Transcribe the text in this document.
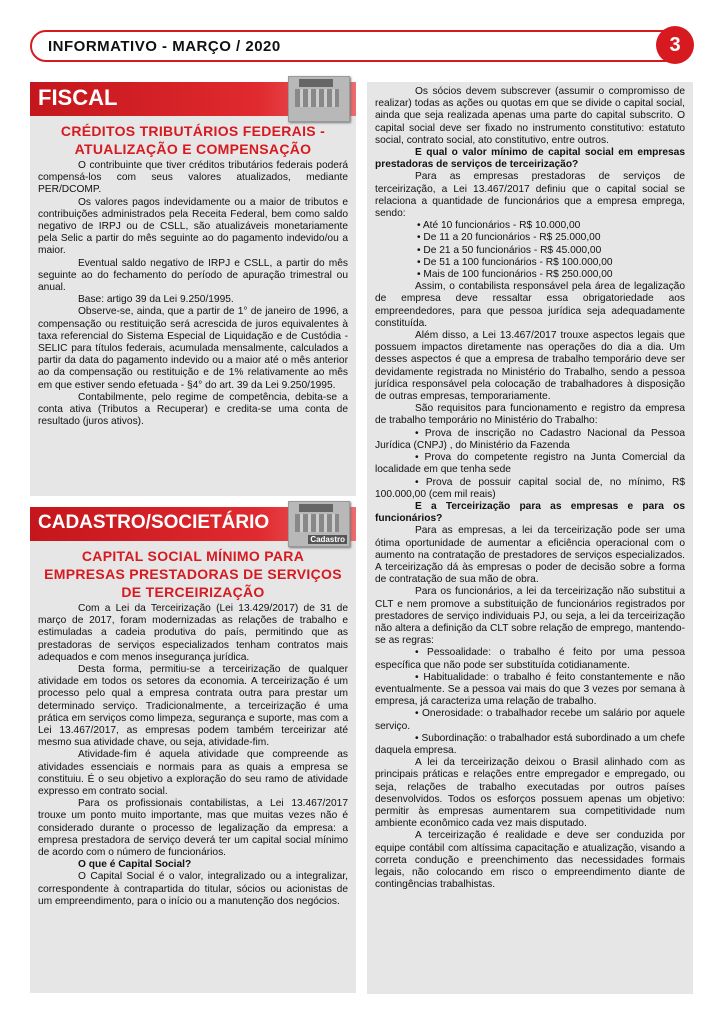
INFORMATIVO - MARÇO / 2020	3
FISCAL
CRÉDITOS TRIBUTÁRIOS FEDERAIS - ATUALIZAÇÃO E COMPENSAÇÃO

O contribuinte que tiver créditos tributários federais poderá compensá-los com seus valores atualizados, mediante PER/DCOMP.

Os valores pagos indevidamente ou a maior de tributos e contribuições administrados pela Receita Federal, bem como saldo negativo de IRPJ ou de CSLL, são atualizáveis monetariamente pela Selic a partir do mês seguinte ao do pagamento indevido/ou a maior.

Eventual saldo negativo de IRPJ e CSLL, a partir do mês seguinte ao do fechamento do período de apuração trimestral ou anual.

Base: artigo 39 da Lei 9.250/1995.

Observe-se, ainda, que a partir de 1° de janeiro de 1996, a compensação ou restituição será acrescida de juros equivalentes à taxa referencial do Sistema Especial de Liquidação e de Custódia - SELIC para títulos federais, acumulada mensalmente, calculados a partir da data do pagamento indevido ou a maior até o mês anterior ao da compensação ou restituição e de 1% relativamente ao mês em que estiver sendo efetuada - §4° do art. 39 da Lei 9.250/1995.

Contabilmente, pelo regime de competência, debita-se a conta ativa (Tributos a Recuperar) e credita-se uma conta de resultado (juros ativos).

CADASTRO/SOCIETÁRIO
Cadastro
CAPITAL SOCIAL MÍNIMO PARA EMPRESAS PRESTADORAS DE SERVIÇOS DE TERCEIRIZAÇÃO

Com a Lei da Terceirização (Lei 13.429/2017) de 31 de março de 2017, foram modernizadas as relações de trabalho e estimuladas a cadeia produtiva do país, permitindo que as prestadoras de serviços especializados tenham contratos mais adequados e com menos insegurança jurídica.

Desta forma, permitiu-se a terceirização de qualquer atividade em todos os setores da economia. A terceirização é um processo pelo qual a empresa contrata outra para prestar um determinado serviço. Tradicionalmente, a terceirização é uma prática em serviços como limpeza, segurança e suporte, mas com a Lei 13.467/2017, as empresas podem também terceirizar até mesmo sua atividade chave, ou seja, atividade-fim.

Atividade-fim é aquela atividade que compreende as atividades essenciais e normais para as quais a empresa se constituiu. É o seu objetivo a exploração do seu ramo de atividade expresso em contrato social.

Para os profissionais contabilistas, a Lei 13.467/2017 trouxe um ponto muito importante, mas que muitas vezes não é considerado durante o processo de legalização da empresa: a empresa prestadora de serviço deverá ter um capital social mínimo de acordo com o número de funcionários.

O que é Capital Social?

O Capital Social é o valor, integralizado ou a integralizar, correspondente à contrapartida do titular, sócios ou acionistas de um empreendimento, para o início ou a manutenção dos negócios.

Os sócios devem subscrever (assumir o compromisso de realizar) todas as ações ou quotas em que se divide o capital social, ainda que seja realizada apenas uma parte do capital subscrito. O capital social deve ser fixado no instrumento constitutivo: estatuto social, contrato social, ato constitutivo, entre outros.

E qual o valor mínimo de capital social em empresas prestadoras de serviços de terceirização?

Para as empresas prestadoras de serviços de terceirização, a Lei 13.467/2017 definiu que o capital social se relaciona a quantidade de funcionários que a empresa emprega, sendo:

• Até 10 funcionários - R$ 10.000,00
• De 11 a 20 funcionários - R$ 25.000,00
• De 21 a 50 funcionários - R$ 45.000,00
• De 51 a 100 funcionários - R$ 100.000,00
• Mais de 100 funcionários - R$ 250.000,00

Assim, o contabilista responsável pela área de legalização de empresa deve ressaltar essa obrigatoriedade aos empreendedores, para que pessoa jurídica seja adequadamente constituída.

Além disso, a Lei 13.467/2017 trouxe aspectos legais que possuem impactos diretamente nas operações do dia a dia. Um desses aspectos é que a empresa de trabalho temporário deve ser devidamente registrada no Ministério do Trabalho, sendo a pessoa jurídica responsável pela colocação de trabalhadores à disposição de outras empresas, temporariamente.

São requisitos para funcionamento e registro da empresa de trabalho temporário no Ministério do Trabalho:

• Prova de inscrição no Cadastro Nacional da Pessoa Jurídica (CNPJ) , do Ministério da Fazenda

• Prova do competente registro na Junta Comercial da localidade em que tenha sede

• Prova de possuir capital social de, no mínimo, R$ 100.000,00 (cem mil reais)

E a Terceirização para as empresas e para os funcionários?

Para as empresas, a lei da terceirização pode ser uma ótima oportunidade de aumentar a eficiência operacional com o aumento na contratação de prestadores de serviços especializados. A terceirização dá às empresas o poder de decisão sobre a forma de contratação de sua mão de obra.

Para os funcionários, a lei da terceirização não substitui a CLT e nem promove a substituição de funcionários registrados por prestadores de serviço individuais PJ, ou seja, a lei da terceirização não altera a definição da CLT sobre relação de emprego, mantendo-se as regras:

• Pessoalidade: o trabalho é feito por uma pessoa específica que não pode ser substituída cotidianamente.

• Habitualidade: o trabalho é feito constantemente e não eventualmente. Se a pessoa vai mais do que 3 vezes por semana à empresa, já caracteriza uma relação de trabalho.

• Onerosidade: o trabalhador recebe um salário por aquele serviço.

• Subordinação: o trabalhador está subordinado a um chefe daquela empresa.

A lei da terceirização deixou o Brasil alinhado com as principais práticas e relações entre empregador e empregado, ou seja, relações de trabalho executadas por outros países desenvolvidos. Todos os esforços possuem apenas um objetivo: permitir às empresas aumentarem sua competitividade num ambiente econômico cada vez mais disputado.

A terceirização é realidade e deve ser conduzida por equipe contábil com altíssima capacitação e atualização, visando a correta condução e preenchimento das necessidades formais legais, não colocando em risco o empreendimento diante de contingências trabalhistas.
